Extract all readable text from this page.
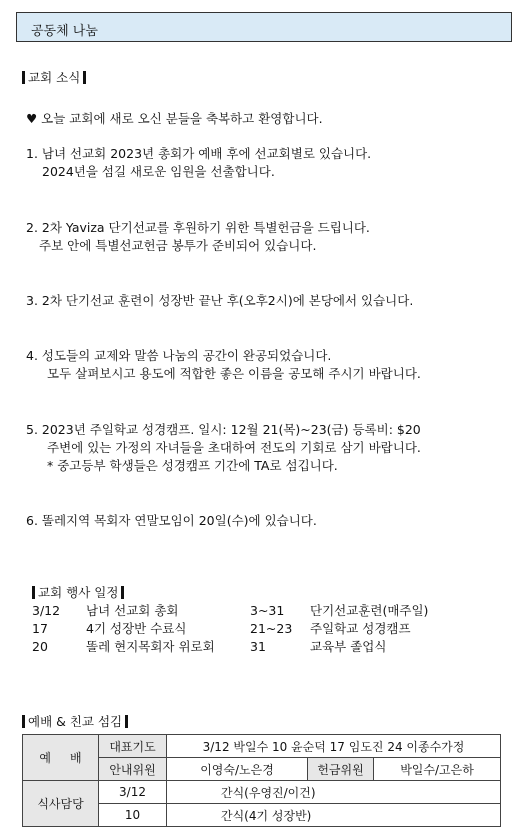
공동체 나눔
교회 소식
♥ 오늘 교회에 새로 오신 분들을 축복하고 환영합니다.
1. 남녀 선교회 2023년 총회가 예배 후에 선교회별로 있습니다.
2024년을 섬길 새로운 임원을 선출합니다.
2. 2차 Yaviza 단기선교를 후원하기 위한 특별헌금을 드립니다.
주보 안에 특별선교헌금 봉투가 준비되어 있습니다.
3. 2차 단기선교 훈련이 성장반 끝난 후(오후2시)에 본당에서 있습니다.
4. 성도들의 교제와 말씀 나눔의 공간이 완공되었습니다.
모두 살펴보시고 용도에 적합한 좋은 이름을 공모해 주시기 바랍니다.
5. 2023년 주일학교 성경캠프. 일시: 12월 21(목)~23(금) 등록비: $20
주변에 있는 가정의 자녀들을 초대하여 전도의 기회로 삼기 바랍니다.
* 중고등부 학생들은 성경캠프 기간에 TA로 섬깁니다.
6. 똘레지역 목회자 연말모임이 20일(수)에 있습니다.
교회 행사 일정
3/12	남녀 선교회 총회	3~31	단기선교훈련(매주일)
17	4기 성장반 수료식	21~23	주일학교 성경캠프
20	똘레 현지목회자 위로회	31	교육부 졸업식
예배 & 친교 섬김
예     배	대표기도	3/12 박일수 10 윤순덕 17 임도진 24 이종수가정		
	안내위원	이영숙/노은경	헌금위원	박일수/고은하
식사담당	3/12	간식(우영진/이건)		
	10	간식(4기 성장반)		
